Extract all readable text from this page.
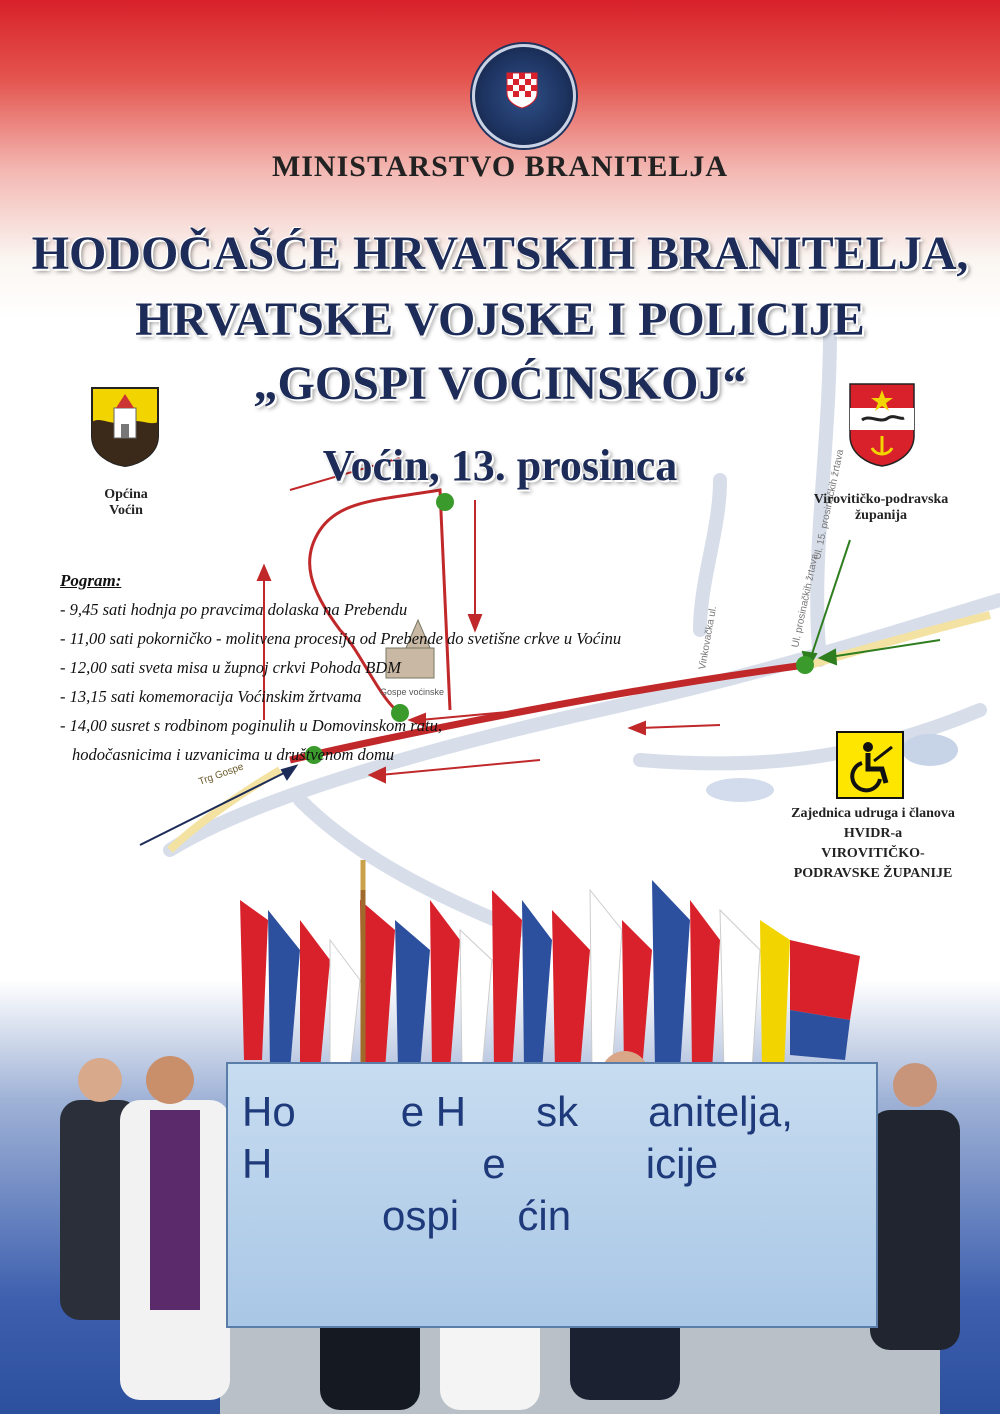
Gospe voćinske
Trg Gospe
Vinkovačka ul.	Ul. prosinačkih žrtava
Ul. 15. prosinačkih žrtava
MINISTARSTVO BRANITELJA
HODOČAŠĆE HRVATSKIH BRANITELJA,
HRVATSKE VOJSKE I POLICIJE
„GOSPI VOĆINSKOJ“
Voćin, 13. prosinca
Općina
Voćin
Virovitičko-podravska
županija
Pogram:
- 9,45 sati hodnja po pravcima dolaska na Prebendu
- 11,00 sati pokorničko - molitvena procesija od Prebende do svetišne crkve u Voćinu
- 12,00 sati sveta misa u župnoj crkvi Pohoda BDM
- 13,15 sati komemoracija Voćinskim žrtvama
- 14,00 susret s rodbinom poginulih u Domovinskom ratu,
hodočasnicima i uzvanicima u društvenom domu
Zajednica udruga i članova
HVIDR-a
VIROVITIČKO-
PODRAVSKE ŽUPANIJE
Ho         e H      sk      anitelja,
H                  e            icije
ospi     ćin
